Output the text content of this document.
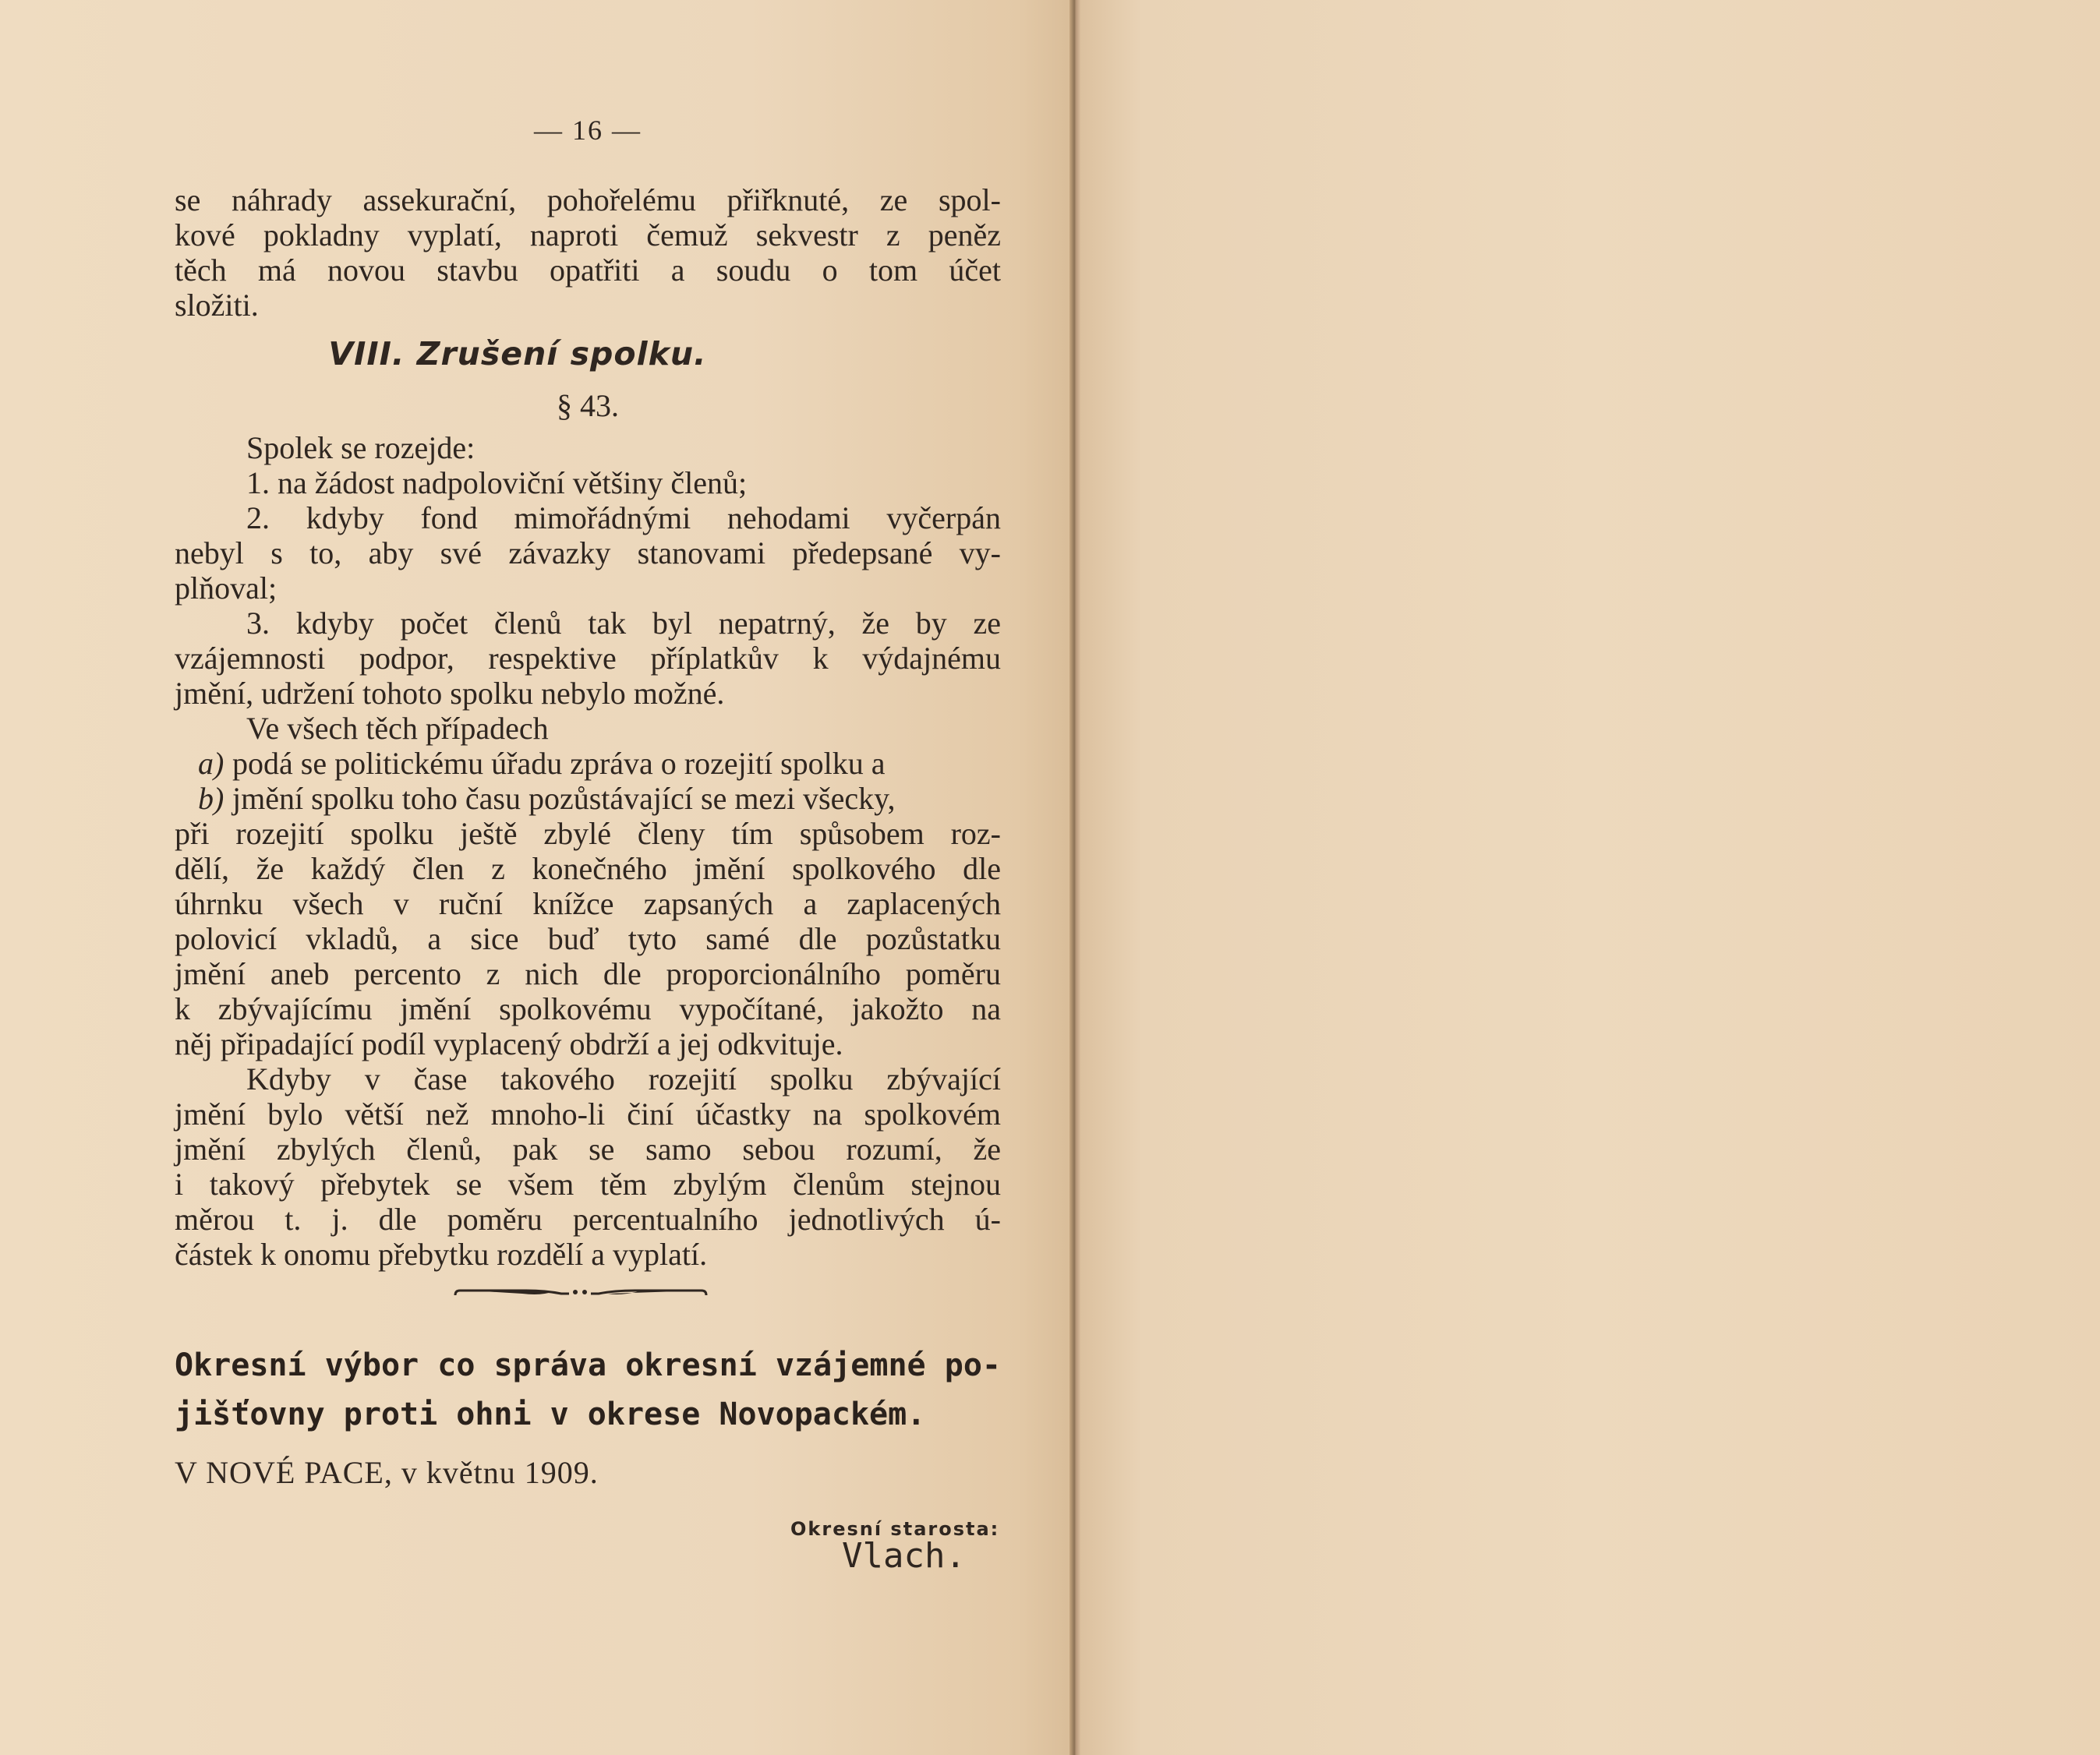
— 16 —
se náhrady assekurační, pohořelému přiřknuté, ze spol-
kové pokladny vyplatí, naproti čemuž sekvestr z peněz
těch má novou stavbu opatřiti a soudu o tom účet
složiti.
VIII. Zrušení spolku.
§ 43.
Spolek se rozejde:
1. na žádost nadpoloviční většiny členů;
2. kdyby fond mimořádnými nehodami vyčerpán
nebyl s to, aby své závazky stanovami předepsané vy-
plňoval;
3. kdyby počet členů tak byl nepatrný, že by ze
vzájemnosti podpor, respektive příplatkův k výdajnému
jmění, udržení tohoto spolku nebylo možné.
Ve všech těch případech
a) podá se politickému úřadu zpráva o rozejití spolku a
b) jmění spolku toho času pozůstávající se mezi všecky,
při rozejití spolku ještě zbylé členy tím spůsobem roz-
dělí, že každý člen z konečného jmění spolkového dle
úhrnku všech v ruční knížce zapsaných a zaplacených
polovicí vkladů, a sice buď tyto samé dle pozůstatku
jmění aneb percento z nich dle proporcionálního poměru
k zbývajícímu jmění spolkovému vypočítané, jakožto na
něj připadající podíl vyplacený obdrží a jej odkvituje.
Kdyby v čase takového rozejití spolku zbývající
jmění bylo větší než mnoho-li činí účastky na spolkovém
jmění zbylých členů, pak se samo sebou rozumí, že
i takový přebytek se všem těm zbylým členům stejnou
měrou t. j. dle poměru percentualního jednotlivých ú-
částek k onomu přebytku rozdělí a vyplatí.
Okresní výbor co správa okresní vzájemné po-
jišťovny proti ohni v okrese Novopackém.
V NOVÉ PACE, v květnu 1909.
Okresní starosta:
Vlach.
